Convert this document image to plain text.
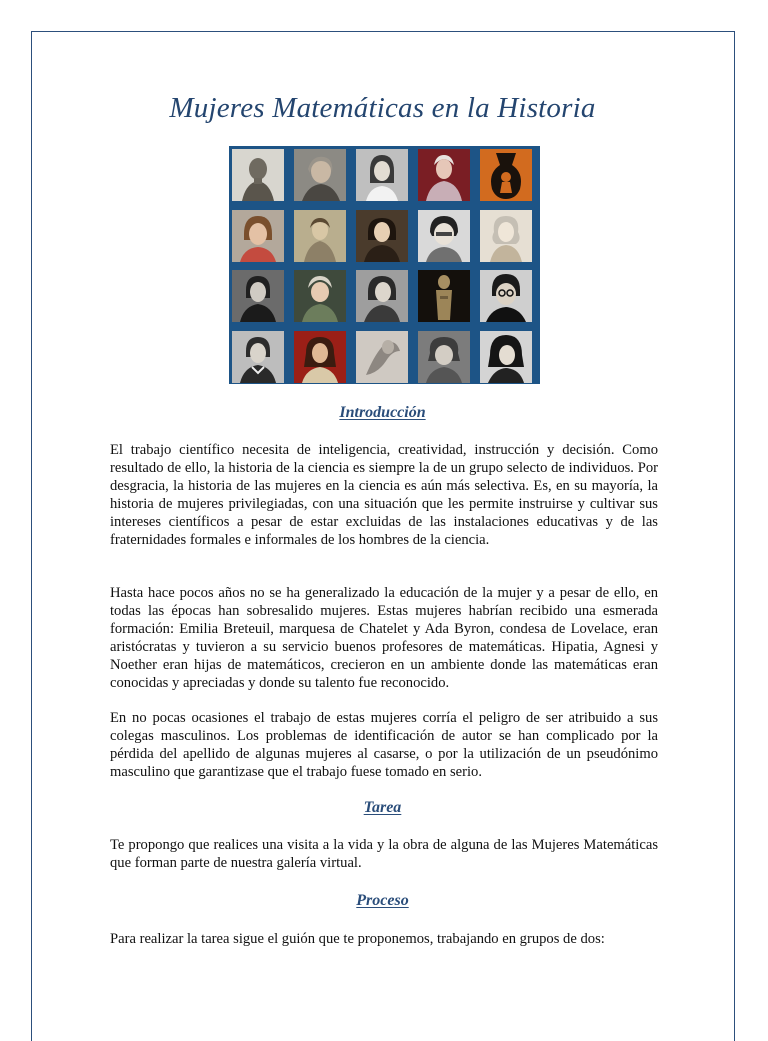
Mujeres Matemáticas en la Historia
Introducción

El trabajo científico necesita de inteligencia, creatividad, instrucción y decisión. Como resultado de ello, la historia de la ciencia es siempre la de un grupo selecto de individuos. Por desgracia, la historia de las mujeres en la ciencia es aún más selectiva. Es, en su mayoría, la historia de mujeres privilegiadas, con una situación que les permite instruirse y cultivar sus intereses científicos a pesar de estar excluidas de las instalaciones educativas y de las fraternidades formales e informales de los hombres de la ciencia.

Hasta hace pocos años no se ha generalizado la educación de la mujer y a pesar de ello, en todas las épocas han sobresalido mujeres. Estas mujeres habrían recibido una esmerada formación: Emilia Breteuil, marquesa de Chatelet y Ada Byron, condesa de Lovelace, eran aristócratas y tuvieron a su servicio buenos profesores de matemáticas. Hipatia, Agnesi y Noether eran hijas de matemáticos, crecieron en un ambiente donde las matemáticas eran conocidas y apreciadas y donde su talento fue reconocido.

En no pocas ocasiones el trabajo de estas mujeres corría el peligro de ser atribuido a sus colegas masculinos. Los problemas de identificación de autor se han complicado por la pérdida del apellido de algunas mujeres al casarse, o por la utilización de un pseudónimo masculino que garantizase que el trabajo fuese tomado en serio.

Tarea

Te propongo que realices una visita a la vida y la obra de alguna de las Mujeres Matemáticas que forman parte de nuestra galería virtual.

Proceso

Para realizar la tarea sigue el guión que te proponemos, trabajando en grupos de dos:
